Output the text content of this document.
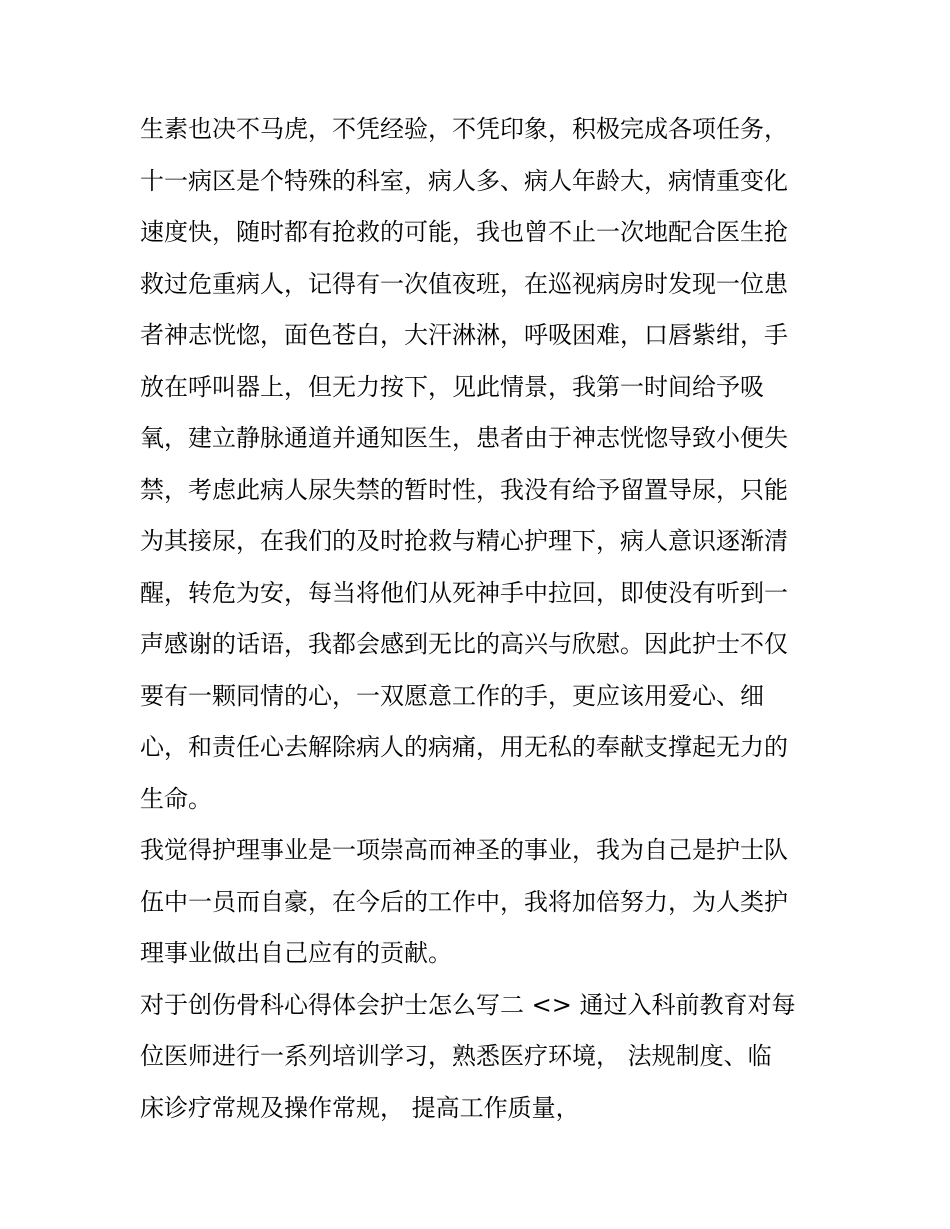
生素也决不马虎，不凭经验，不凭印象，积极完成各项任务，
十一病区是个特殊的科室，病人多、病人年龄大，病情重变化
速度快，随时都有抢救的可能，我也曾不止一次地配合医生抢
救过危重病人，记得有一次值夜班，在巡视病房时发现一位患
者神志恍惚，面色苍白，大汗淋淋，呼吸困难，口唇紫绀，手
放在呼叫器上，但无力按下，见此情景，我第一时间给予吸
氧，建立静脉通道并通知医生，患者由于神志恍惚导致小便失
禁，考虑此病人尿失禁的暂时性，我没有给予留置导尿，只能
为其接尿，在我们的及时抢救与精心护理下，病人意识逐渐清
醒，转危为安，每当将他们从死神手中拉回，即使没有听到一
声感谢的话语，我都会感到无比的高兴与欣慰。因此护士不仅
要有一颗同情的心，一双愿意工作的手，更应该用爱心、细
心，和责任心去解除病人的病痛，用无私的奉献支撑起无力的
生命。
我觉得护理事业是一项崇高而神圣的事业，我为自己是护士队
伍中一员而自豪，在今后的工作中，我将加倍努力，为人类护
理事业做出自己应有的贡献。
对于创伤骨科心得体会护士怎么写二 <> 通过入科前教育对每
位医师进行一系列培训学习，熟悉医疗环境， 法规制度、临
床诊疗常规及操作常规， 提高工作质量，
